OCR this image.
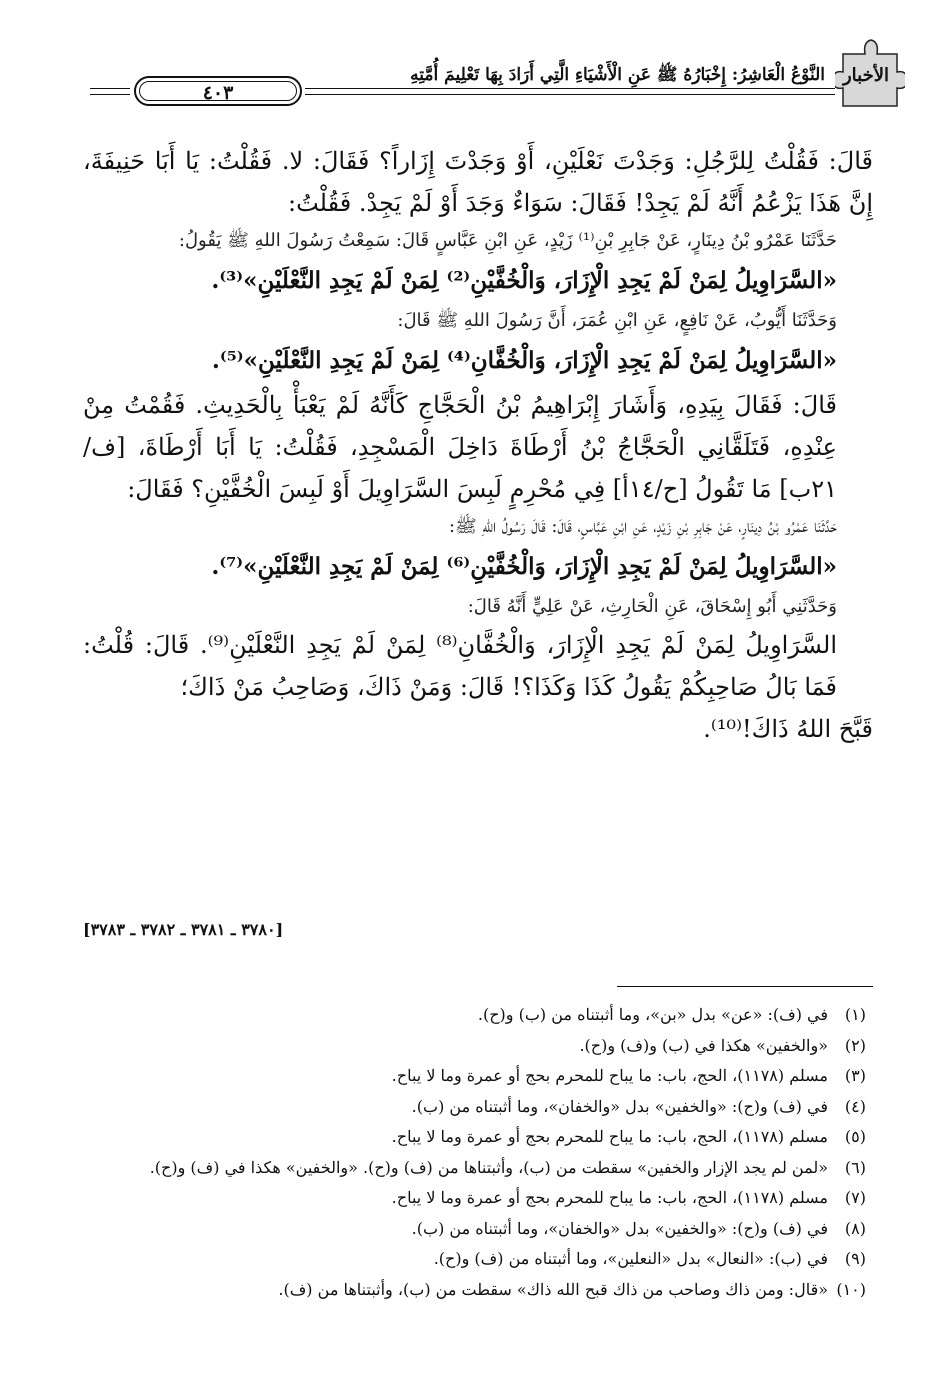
الأخبار
النَّوْعُ الْعَاشِرُ: إِخْبَارُهُ ﷺ عَنِ الْأَشْيَاءِ الَّتِي أَرَادَ بِهَا تَعْلِيمَ أُمَّتِهِ
٤٠٣

قَالَ: فَقُلْتُ لِلرَّجُلِ: وَجَدْتَ نَعْلَيْنِ، أَوْ وَجَدْتَ إِزَاراً؟ فَقَالَ: لا. فَقُلْتُ: يَا أَبَا حَنِيفَةَ، إِنَّ هَذَا يَزْعُمُ أَنَّهُ لَمْ يَجِدْ! فَقَالَ: سَوَاءٌ وَجَدَ أَوْ لَمْ يَجِدْ. فَقُلْتُ:

حَدَّثَنَا عَمْرُو بْنُ دِينَارٍ، عَنْ جَابِرِ بْنِ⁽¹⁾ زَيْدٍ، عَنِ ابْنِ عَبَّاسٍ قَالَ: سَمِعْتُ رَسُولَ اللهِ ﷺ يَقُولُ:

«السَّرَاوِيلُ لِمَنْ لَمْ يَجِدِ الْإِزَارَ، وَالْخُفَّيْنِ⁽²⁾ لِمَنْ لَمْ يَجِدِ النَّعْلَيْنِ»⁽³⁾.

وَحَدَّثَنَا أَيُّوبُ، عَنْ نَافِعٍ، عَنِ ابْنِ عُمَرَ، أَنَّ رَسُولَ اللهِ ﷺ قَالَ:

«السَّرَاوِيلُ لِمَنْ لَمْ يَجِدِ الْإِزَارَ، وَالْخُفَّانِ⁽⁴⁾ لِمَنْ لَمْ يَجِدِ النَّعْلَيْنِ»⁽⁵⁾.

قَالَ: فَقَالَ بِيَدِهِ، وَأَشَارَ إِبْرَاهِيمُ بْنُ الْحَجَّاجِ كَأَنَّهُ لَمْ يَعْبَأْ بِالْحَدِيثِ. فَقُمْتُ مِنْ عِنْدِهِ، فَتَلَقَّانِي الْحَجَّاجُ بْنُ أَرْطَاةَ دَاخِلَ الْمَسْجِدِ، فَقُلْتُ: يَا أَبَا أَرْطَاةَ، [ف/ ٢١ب] مَا تَقُولُ [ح/١٤أ] فِي مُحْرِمٍ لَبِسَ السَّرَاوِيلَ أَوْ لَبِسَ الْخُفَّيْنِ؟ فَقَالَ:

حَدَّثَنَا عَمْرُو بْنُ دِينَارٍ، عَنْ جَابِرِ بْنِ زَيْدٍ، عَنِ ابْنِ عَبَّاسٍ، قَالَ: قَالَ رَسُولُ اللهِ ﷺ:

«السَّرَاوِيلُ لِمَنْ لَمْ يَجِدِ الْإِزَارَ، وَالْخُفَّيْنِ⁽⁶⁾ لِمَنْ لَمْ يَجِدِ النَّعْلَيْنِ»⁽⁷⁾.

وَحَدَّثَنِي أَبُو إِسْحَاقَ، عَنِ الْحَارِثِ، عَنْ عَلِيٍّ أَنَّهُ قَالَ:

السَّرَاوِيلُ لِمَنْ لَمْ يَجِدِ الْإِزَارَ، وَالْخُفَّانِ⁽⁸⁾ لِمَنْ لَمْ يَجِدِ النَّعْلَيْنِ⁽⁹⁾. قَالَ: قُلْتُ: فَمَا بَالُ صَاحِبِكُمْ يَقُولُ كَذَا وَكَذَا؟! قَالَ: وَمَنْ ذَاكَ، وَصَاحِبُ مَنْ ذَاكَ؛

قَبَّحَ اللهُ ذَاكَ!⁽¹⁰⁾.

[٣٧٨٠ ـ ٣٧٨١ ـ ٣٧٨٢ ـ ٣٧٨٣]
(١)في (ف): «عن» بدل «بن»، وما أثبتناه من (ب) و(ح).
(٢)«والخفين» هكذا في (ب) و(ف) و(ح).
(٣)مسلم (١١٧٨)، الحج، باب: ما يباح للمحرم بحج أو عمرة وما لا يباح.
(٤)في (ف) و(ح): «والخفين» بدل «والخفان»، وما أثبتناه من (ب).
(٥)مسلم (١١٧٨)، الحج، باب: ما يباح للمحرم بحج أو عمرة وما لا يباح.
(٦)«لمن لم يجد الإزار والخفين» سقطت من (ب)، وأثبتناها من (ف) و(ح). «والخفين» هكذا في (ف) و(ح).
(٧)مسلم (١١٧٨)، الحج، باب: ما يباح للمحرم بحج أو عمرة وما لا يباح.
(٨)في (ف) و(ح): «والخفين» بدل «والخفان»، وما أثبتناه من (ب).
(٩)في (ب): «النعال» بدل «النعلين»، وما أثبتناه من (ف) و(ح).
(١٠)«قال: ومن ذاك وصاحب من ذاك قبح الله ذاك» سقطت من (ب)، وأثبتناها من (ف).
